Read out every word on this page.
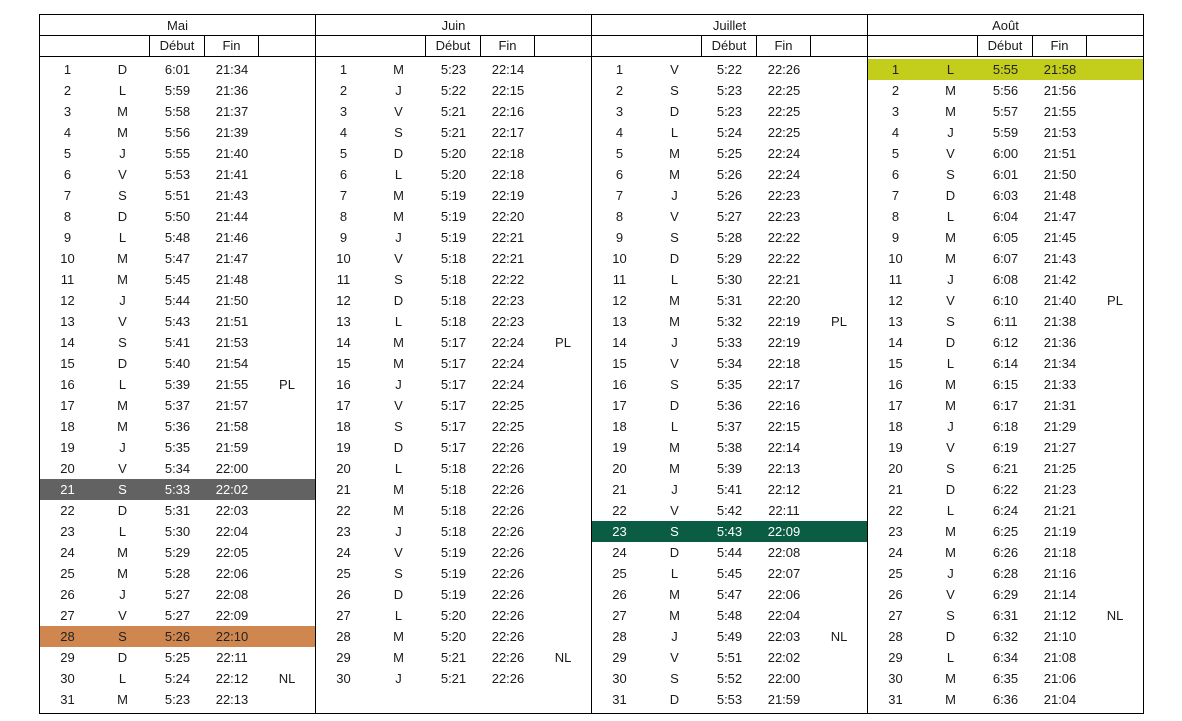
Mai
Début	Fin
1	D	6:01	21:34
2	L	5:59	21:36
3	M	5:58	21:37
4	M	5:56	21:39
5	J	5:55	21:40
6	V	5:53	21:41
7	S	5:51	21:43
8	D	5:50	21:44
9	L	5:48	21:46
10	M	5:47	21:47
11	M	5:45	21:48
12	J	5:44	21:50
13	V	5:43	21:51
14	S	5:41	21:53
15	D	5:40	21:54
16	L	5:39	21:55	PL
17	M	5:37	21:57
18	M	5:36	21:58
19	J	5:35	21:59
20	V	5:34	22:00
21	S	5:33	22:02
22	D	5:31	22:03
23	L	5:30	22:04
24	M	5:29	22:05
25	M	5:28	22:06
26	J	5:27	22:08
27	V	5:27	22:09
28	S	5:26	22:10
29	D	5:25	22:11
30	L	5:24	22:12	NL
31	M	5:23	22:13
Juin
Début	Fin
1	M	5:23	22:14
2	J	5:22	22:15
3	V	5:21	22:16
4	S	5:21	22:17
5	D	5:20	22:18
6	L	5:20	22:18
7	M	5:19	22:19
8	M	5:19	22:20
9	J	5:19	22:21
10	V	5:18	22:21
11	S	5:18	22:22
12	D	5:18	22:23
13	L	5:18	22:23
14	M	5:17	22:24	PL
15	M	5:17	22:24
16	J	5:17	22:24
17	V	5:17	22:25
18	S	5:17	22:25
19	D	5:17	22:26
20	L	5:18	22:26
21	M	5:18	22:26
22	M	5:18	22:26
23	J	5:18	22:26
24	V	5:19	22:26
25	S	5:19	22:26
26	D	5:19	22:26
27	L	5:20	22:26
28	M	5:20	22:26
29	M	5:21	22:26	NL
30	J	5:21	22:26
Juillet
Début	Fin
1	V	5:22	22:26
2	S	5:23	22:25
3	D	5:23	22:25
4	L	5:24	22:25
5	M	5:25	22:24
6	M	5:26	22:24
7	J	5:26	22:23
8	V	5:27	22:23
9	S	5:28	22:22
10	D	5:29	22:22
11	L	5:30	22:21
12	M	5:31	22:20
13	M	5:32	22:19	PL
14	J	5:33	22:19
15	V	5:34	22:18
16	S	5:35	22:17
17	D	5:36	22:16
18	L	5:37	22:15
19	M	5:38	22:14
20	M	5:39	22:13
21	J	5:41	22:12
22	V	5:42	22:11
23	S	5:43	22:09
24	D	5:44	22:08
25	L	5:45	22:07
26	M	5:47	22:06
27	M	5:48	22:04
28	J	5:49	22:03	NL
29	V	5:51	22:02
30	S	5:52	22:00
31	D	5:53	21:59
Août
Début	Fin
1	L	5:55	21:58
2	M	5:56	21:56
3	M	5:57	21:55
4	J	5:59	21:53
5	V	6:00	21:51
6	S	6:01	21:50
7	D	6:03	21:48
8	L	6:04	21:47
9	M	6:05	21:45
10	M	6:07	21:43
11	J	6:08	21:42
12	V	6:10	21:40	PL
13	S	6:11	21:38
14	D	6:12	21:36
15	L	6:14	21:34
16	M	6:15	21:33
17	M	6:17	21:31
18	J	6:18	21:29
19	V	6:19	21:27
20	S	6:21	21:25
21	D	6:22	21:23
22	L	6:24	21:21
23	M	6:25	21:19
24	M	6:26	21:18
25	J	6:28	21:16
26	V	6:29	21:14
27	S	6:31	21:12	NL
28	D	6:32	21:10
29	L	6:34	21:08
30	M	6:35	21:06
31	M	6:36	21:04
